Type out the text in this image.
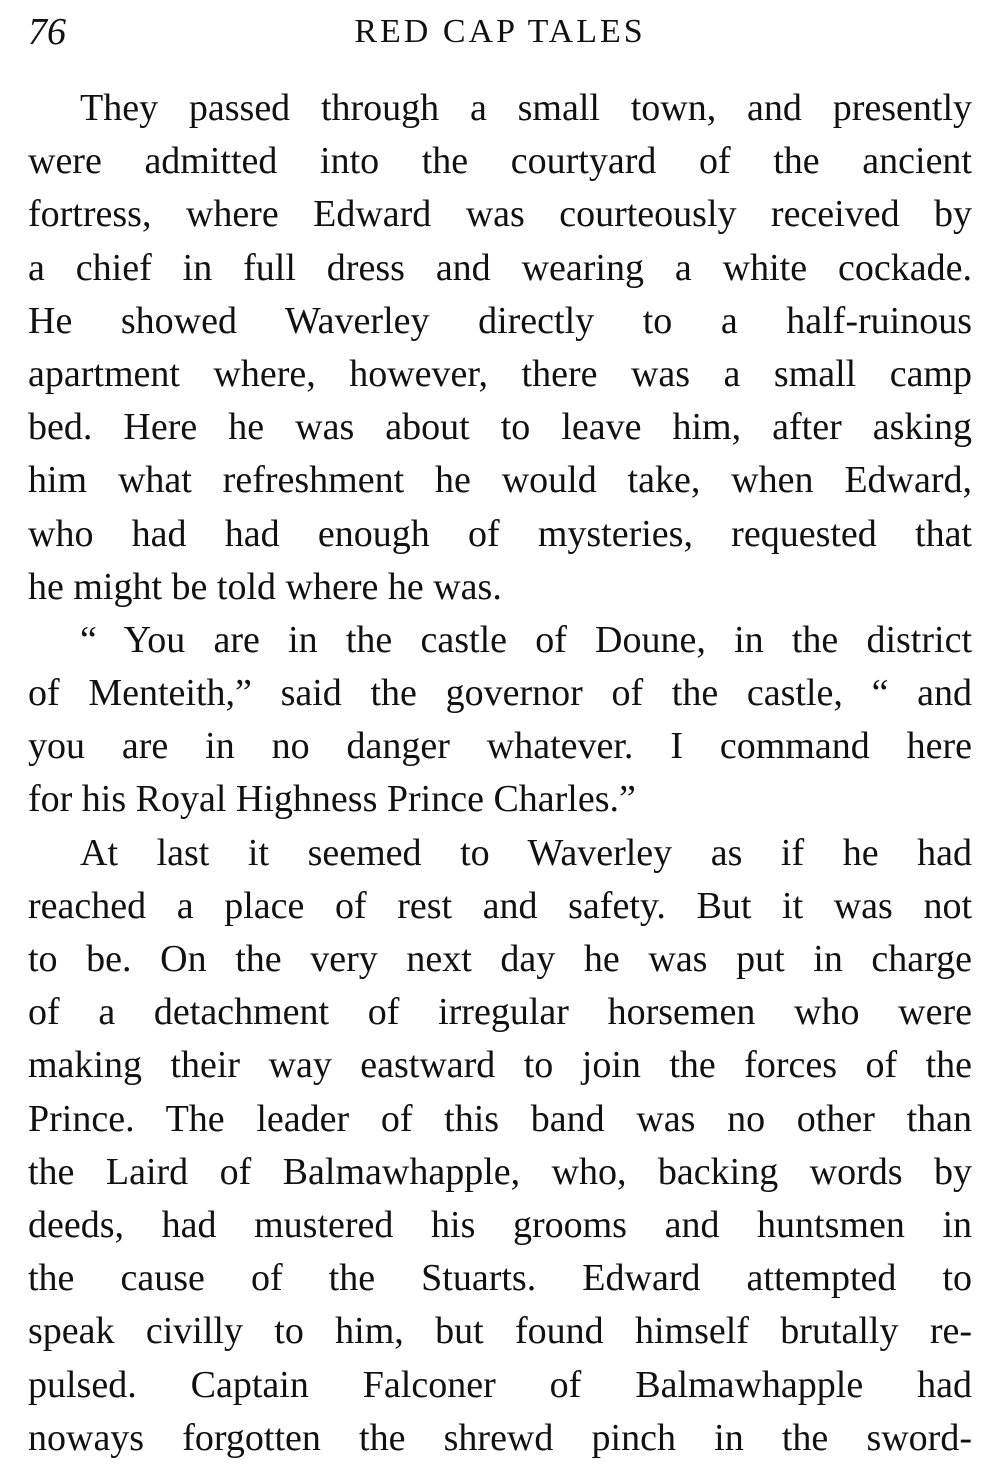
76	RED CAP TALES
They passed through a small town, and presently
were admitted into the courtyard of the ancient
fortress, where Edward was courteously received by
a chief in full dress and wearing a white cockade.
He showed Waverley directly to a half-ruinous
apartment where, however, there was a small camp
bed. Here he was about to leave him, after asking
him what refreshment he would take, when Edward,
who had had enough of mysteries, requested that
he might be told where he was.
“ You are in the castle of Doune, in the district
of Menteith,” said the governor of the castle, “ and
you are in no danger whatever. I command here
for his Royal Highness Prince Charles.”
At last it seemed to Waverley as if he had
reached a place of rest and safety. But it was not
to be. On the very next day he was put in charge
of a detachment of irregular horsemen who were
making their way eastward to join the forces of the
Prince. The leader of this band was no other than
the Laird of Balmawhapple, who, backing words by
deeds, had mustered his grooms and huntsmen in
the cause of the Stuarts. Edward attempted to
speak civilly to him, but found himself brutally re-
pulsed. Captain Falconer of Balmawhapple had
noways forgotten the shrewd pinch in the sword-
